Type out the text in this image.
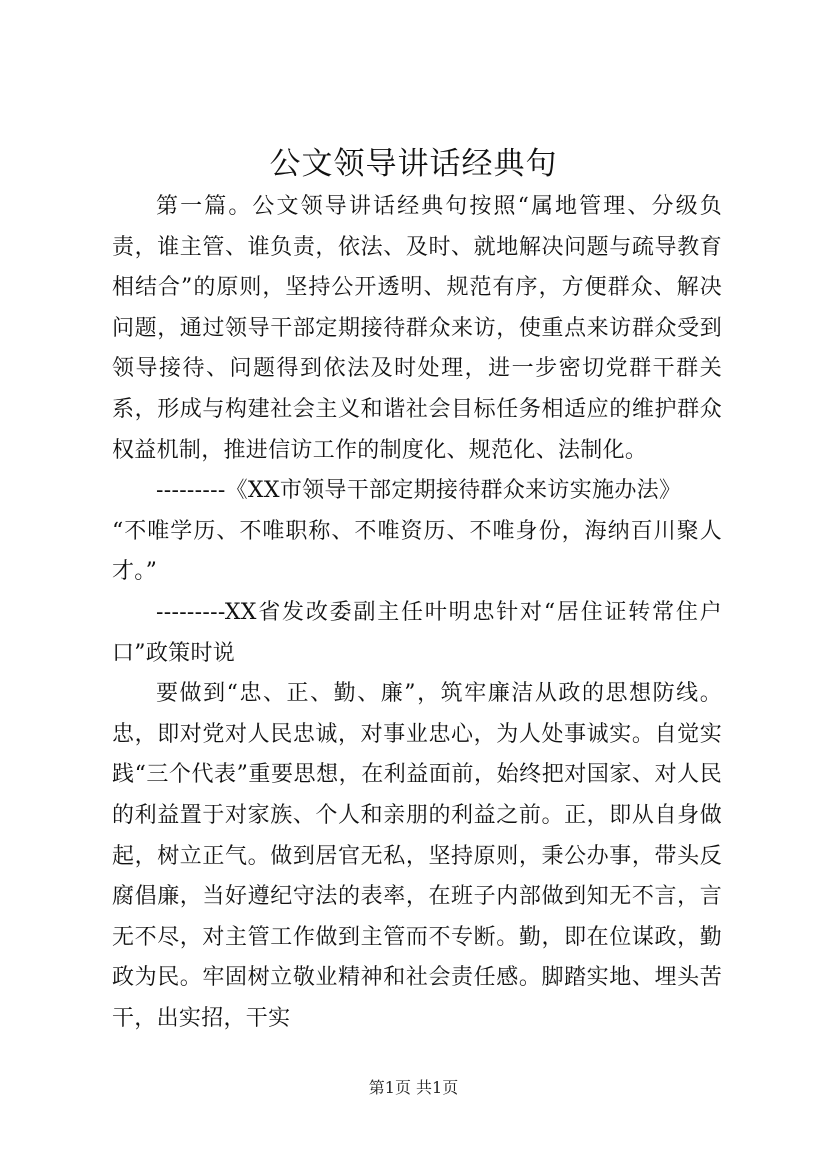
公文领导讲话经典句

第一篇。公文领导讲话经典句按照“属地管理、分级负责，谁主管、谁负责，依法、及时、就地解决问题与疏导教育相结合”的原则，坚持公开透明、规范有序，方便群众、解决问题，通过领导干部定期接待群众来访，使重点来访群众受到领导接待、问题得到依法及时处理，进一步密切党群干群关系，形成与构建社会主义和谐社会目标任务相适应的维护群众权益机制，推进信访工作的制度化、规范化、法制化。

---------《XX市领导干部定期接待群众来访实施办法》

“不唯学历、不唯职称、不唯资历、不唯身份，海纳百川聚人才。”

---------XX省发改委副主任叶明忠针对“居住证转常住户口”政策时说

要做到“忠、正、勤、廉”，筑牢廉洁从政的思想防线。忠，即对党对人民忠诚，对事业忠心，为人处事诚实。自觉实践“三个代表”重要思想，在利益面前，始终把对国家、对人民的利益置于对家族、个人和亲朋的利益之前。正，即从自身做起，树立正气。做到居官无私，坚持原则，秉公办事，带头反腐倡廉，当好遵纪守法的表率，在班子内部做到知无不言，言无不尽，对主管工作做到主管而不专断。勤，即在位谋政，勤政为民。牢固树立敬业精神和社会责任感。脚踏实地、埋头苦干，出实招，干实

第1页 共1页
